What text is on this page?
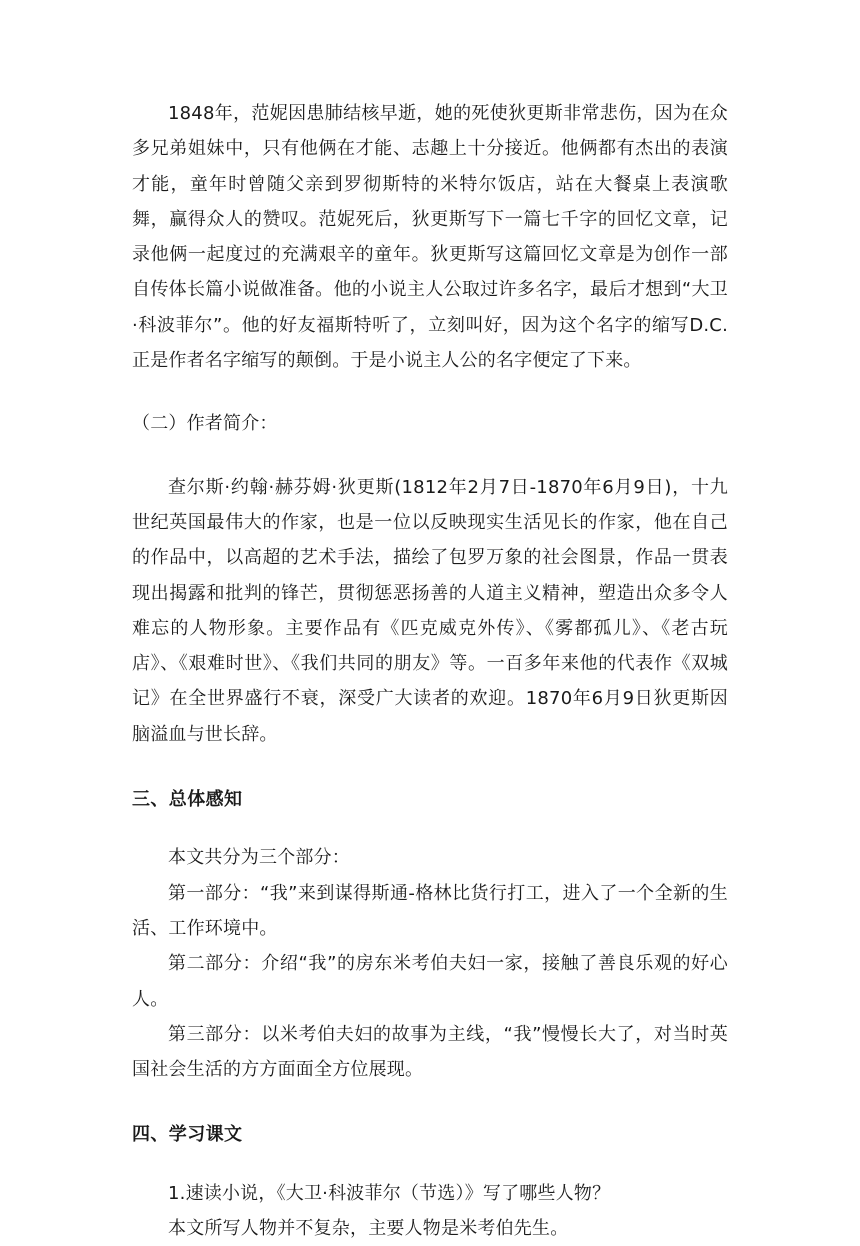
1848年，范妮因患肺结核早逝，她的死使狄更斯非常悲伤，因为在众多兄弟姐妹中，只有他俩在才能、志趣上十分接近。他俩都有杰出的表演才能，童年时曾随父亲到罗彻斯特的米特尔饭店，站在大餐桌上表演歌舞，赢得众人的赞叹。范妮死后，狄更斯写下一篇七千字的回忆文章，记录他俩一起度过的充满艰辛的童年。狄更斯写这篇回忆文章是为创作一部自传体长篇小说做准备。他的小说主人公取过许多名字，最后才想到“大卫·科波菲尔”。他的好友福斯特听了，立刻叫好，因为这个名字的缩写D.C.正是作者名字缩写的颠倒。于是小说主人公的名字便定了下来。

（二）作者简介：

查尔斯·约翰·赫芬姆·狄更斯(1812年2月7日-1870年6月9日)，十九世纪英国最伟大的作家，也是一位以反映现实生活见长的作家，他在自己的作品中，以高超的艺术手法，描绘了包罗万象的社会图景，作品一贯表现出揭露和批判的锋芒，贯彻惩恶扬善的人道主义精神，塑造出众多令人难忘的人物形象。主要作品有《匹克威克外传》、《雾都孤儿》、《老古玩店》、《艰难时世》、《我们共同的朋友》等。一百多年来他的代表作《双城记》在全世界盛行不衰，深受广大读者的欢迎。1870年6月9日狄更斯因脑溢血与世长辞。

三、总体感知

本文共分为三个部分：

第一部分：“我”来到谋得斯通-格林比货行打工，进入了一个全新的生活、工作环境中。

第二部分：介绍“我”的房东米考伯夫妇一家，接触了善良乐观的好心人。

第三部分：以米考伯夫妇的故事为主线，“我”慢慢长大了，对当时英国社会生活的方方面面全方位展现。

四、学习课文

1.速读小说，《大卫·科波菲尔（节选）》写了哪些人物？

本文所写人物并不复杂，主要人物是米考伯先生。
